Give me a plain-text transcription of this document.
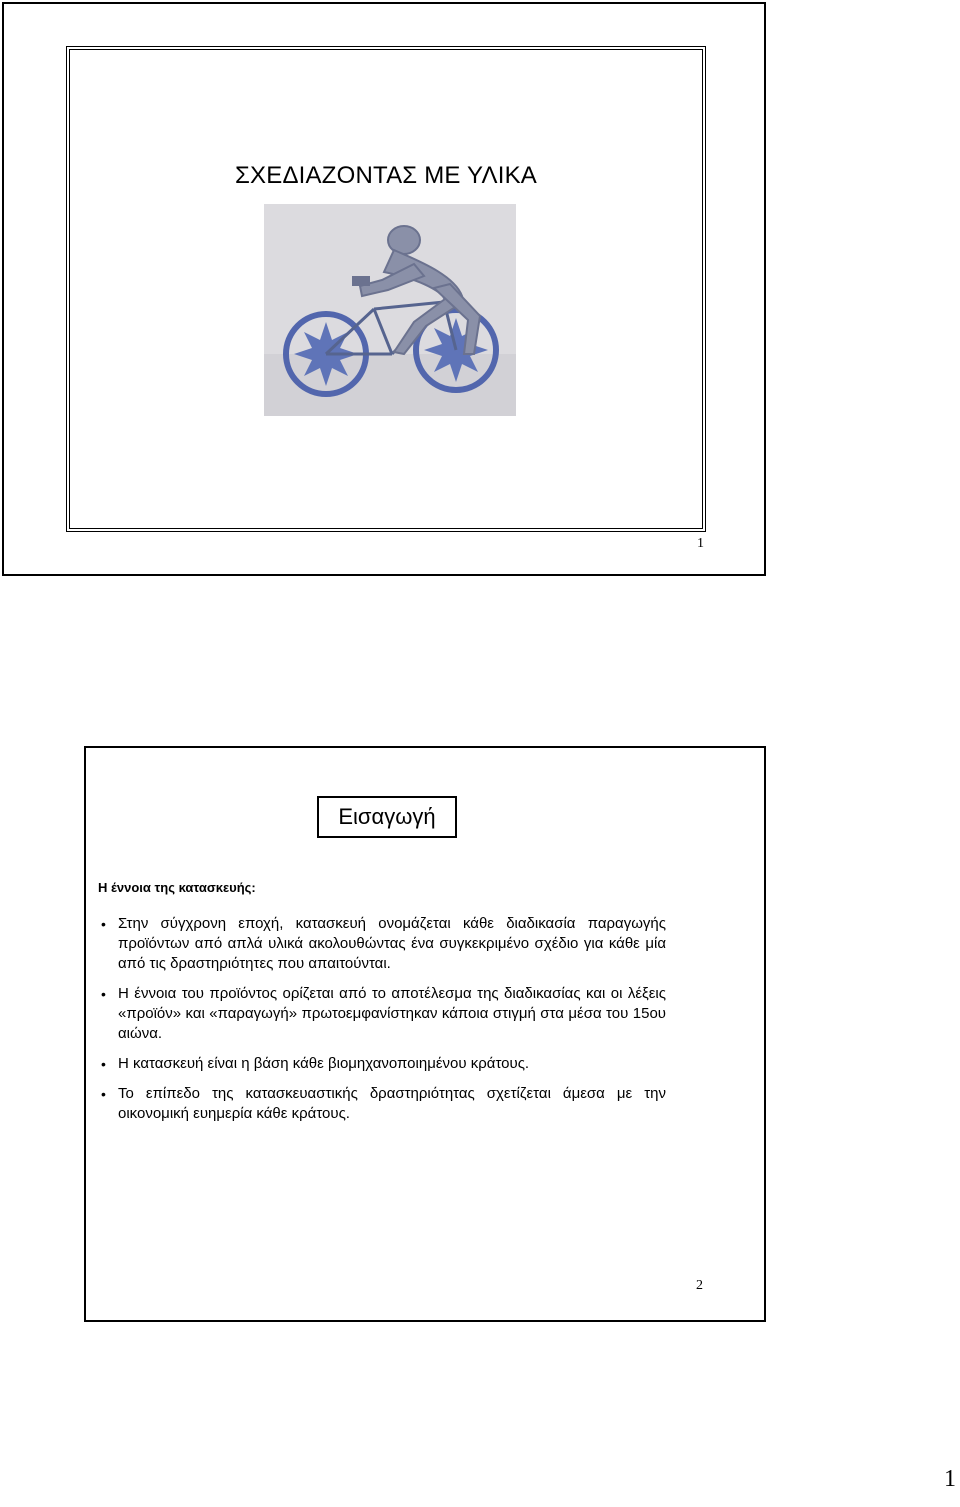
ΣΧΕΔΙΑΖΟΝΤΑΣ ΜΕ ΥΛΙΚΑ
1
Εισαγωγή
Η έννοια της κατασκευής:
• Στην σύγχρονη εποχή, κατασκευή ονομάζεται κάθε διαδικασία παραγωγής προϊόντων από απλά υλικά ακολουθώντας ένα συγκεκριμένο σχέδιο για κάθε μία από τις δραστηριότητες που απαιτούνται.
• Η έννοια του προϊόντος ορίζεται από το αποτέλεσμα της διαδικασίας και οι λέξεις «προϊόν» και «παραγωγή» πρωτοεμφανίστηκαν κάποια στιγμή στα μέσα του 15ου αιώνα.
• Η κατασκευή είναι η βάση κάθε βιομηχανοποιημένου κράτους.
• Το επίπεδο της κατασκευαστικής δραστηριότητας σχετίζεται άμεσα με την οικονομική ευημερία κάθε κράτους.
2
1
